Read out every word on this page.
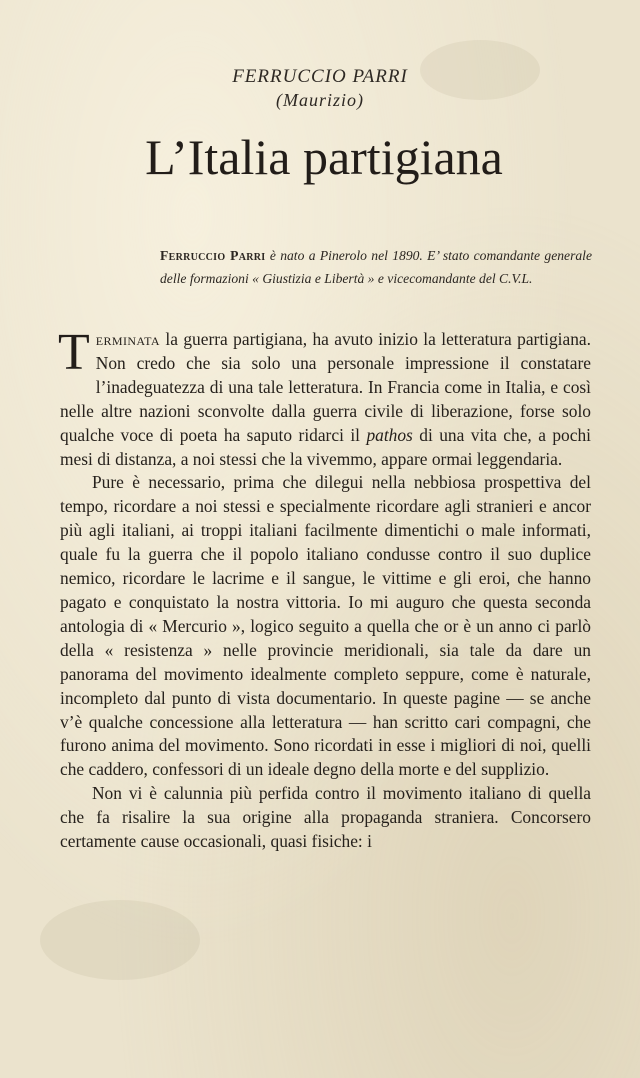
FERRUCCIO PARRI
(Maurizio)
L’Italia partigiana
Ferruccio Parri è nato a Pinerolo nel 1890. E’ stato comandante generale delle formazioni « Giustizia e Libertà » e vicecomandante del C.V.L.

Terminata la guerra partigiana, ha avuto inizio la letteratura partigiana. Non credo che sia solo una personale impressione il constatare l’inadeguatezza di una tale letteratura. In Francia come in Italia, e così nelle altre nazioni sconvolte dalla guerra civile di liberazione, forse solo qualche voce di poeta ha saputo ridarci il pathos di una vita che, a pochi mesi di distanza, a noi stessi che la vivemmo, appare ormai leggendaria.

Pure è necessario, prima che dilegui nella nebbiosa prospettiva del tempo, ricordare a noi stessi e specialmente ricordare agli stranieri e ancor più agli italiani, ai troppi italiani facilmente dimentichi o male informati, quale fu la guerra che il popolo italiano condusse contro il suo duplice nemico, ricordare le lacrime e il sangue, le vittime e gli eroi, che hanno pagato e conquistato la nostra vittoria. Io mi auguro che questa seconda antologia di « Mercurio », logico seguito a quella che or è un anno ci parlò della « resistenza » nelle provincie meridionali, sia tale da dare un panorama del movimento idealmente completo seppure, come è naturale, incompleto dal punto di vista documentario. In queste pagine — se anche v’è qualche concessione alla letteratura — han scritto cari compagni, che furono anima del movimento. Sono ricordati in esse i migliori di noi, quelli che caddero, confessori di un ideale degno della morte e del supplizio.

Non vi è calunnia più perfida contro il movimento italiano di quella che fa risalire la sua origine alla propaganda straniera. Concorsero certamente cause occasionali, quasi fisiche: i
